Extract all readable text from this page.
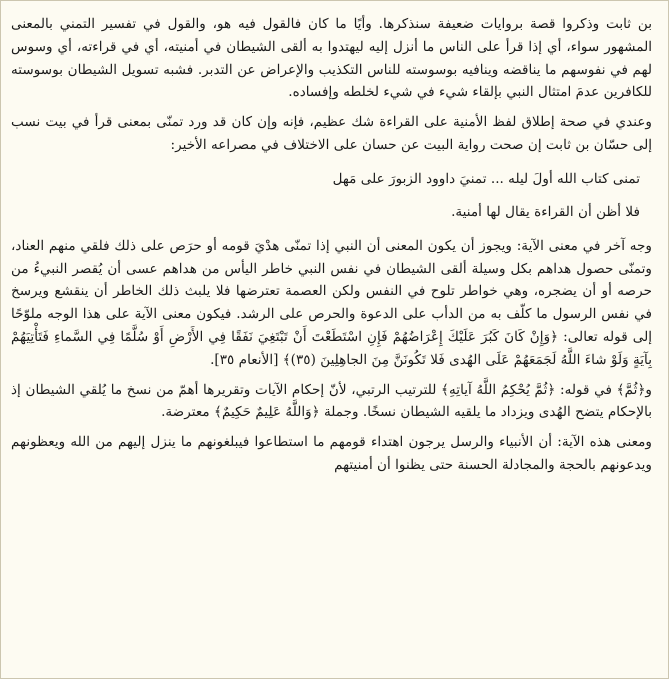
بن ثابت وذكروا قصة بروايات ضعيفة سنذكرها. وأيًا ما كان فالقول فيه هو، والقول في تفسير التمني بالمعنى المشهور سواء، أي إذا قرأ على الناس ما أنزل إليه ليهتدوا به ألقى الشيطان في أمنيته، أي في قراءته، أي وسوس لهم في نفوسهم ما يناقضه وينافيه بوسوسته للناس التكذيب والإعراض عن التدبر. فشبه تسويل الشيطان بوسوسته للكافرين عدمَ امتثال النبي بإلقاء شيء في شيء لخلطه وإفساده.

وعندي في صحة إطلاق لفظ الأمنية على القراءة شك عظيم، فإنه وإن كان قد ورد تمنّى بمعنى قرأ في بيت نسب إلى حسّان بن ثابت إن صحت رواية البيت عن حسان على الاختلاف في مصراعه الأخير:

تمنى كتاب الله أولَ ليله ... تمنيَ داوود الزبورَ على مَهل

فلا أظن أن القراءة يقال لها أمنية.

وجه آخر في معنى الآية: ويجوز أن يكون المعنى أن النبي إذا تمنّى هدْيَ قومه أو حرَص على ذلك فلقي منهم العناد، وتمنّى حصول هداهم بكل وسيلة ألقى الشيطان في نفس النبي خاطر اليأس من هداهم عسى أن يُقصر النبيءُ من حرصه أو أن يضجره، وهي خواطر تلوح في النفس ولكن العصمة تعترضها فلا يلبث ذلك الخاطر أن ينقشع ويرسخ في نفس الرسول ما كلّف به من الدأب على الدعوة والحرص على الرشد. فيكون معنى الآية على هذا الوجه ملوّحًا إلى قوله تعالى: ﴿وَإِنْ كَانَ كَبُرَ عَلَيْكَ إِعْرَاضُهُمْ فَإِنِ اسْتَطَعْتَ أَنْ تَبْتَغِيَ نَفَقًا فِي الأَرْضِ أَوْ سُلَّمًا فِي السَّماءِ فَتَأْتِيَهُمْ بِآيَةٍ وَلَوْ شاءَ اللَّهُ لَجَمَعَهُمْ عَلَى الهُدى فَلا تَكُونَنَّ مِنَ الجاهِلِينَ (٣٥)﴾ [الأنعام ٣٥].

و﴿ثُمَّ﴾ في قوله: ﴿ثُمَّ يُحْكِمُ اللَّهُ آياتِهِ﴾ للترتيب الرتبي، لأنّ إحكام الآيات وتقريرها أهمّ من نسخ ما يُلقي الشيطان إذ بالإحكام يتضح الهُدى ويزداد ما يلقيه الشيطان نسخًا. وجملة ﴿وَاللَّهُ عَلِيمٌ حَكِيمٌ﴾ معترضة.

ومعنى هذه الآية: أن الأنبياء والرسل يرجون اهتداء قومهم ما استطاعوا فيبلغونهم ما ينزل إليهم من الله ويعظونهم ويدعونهم بالحجة والمجادلة الحسنة حتى يظنوا أن أمنيتهم
